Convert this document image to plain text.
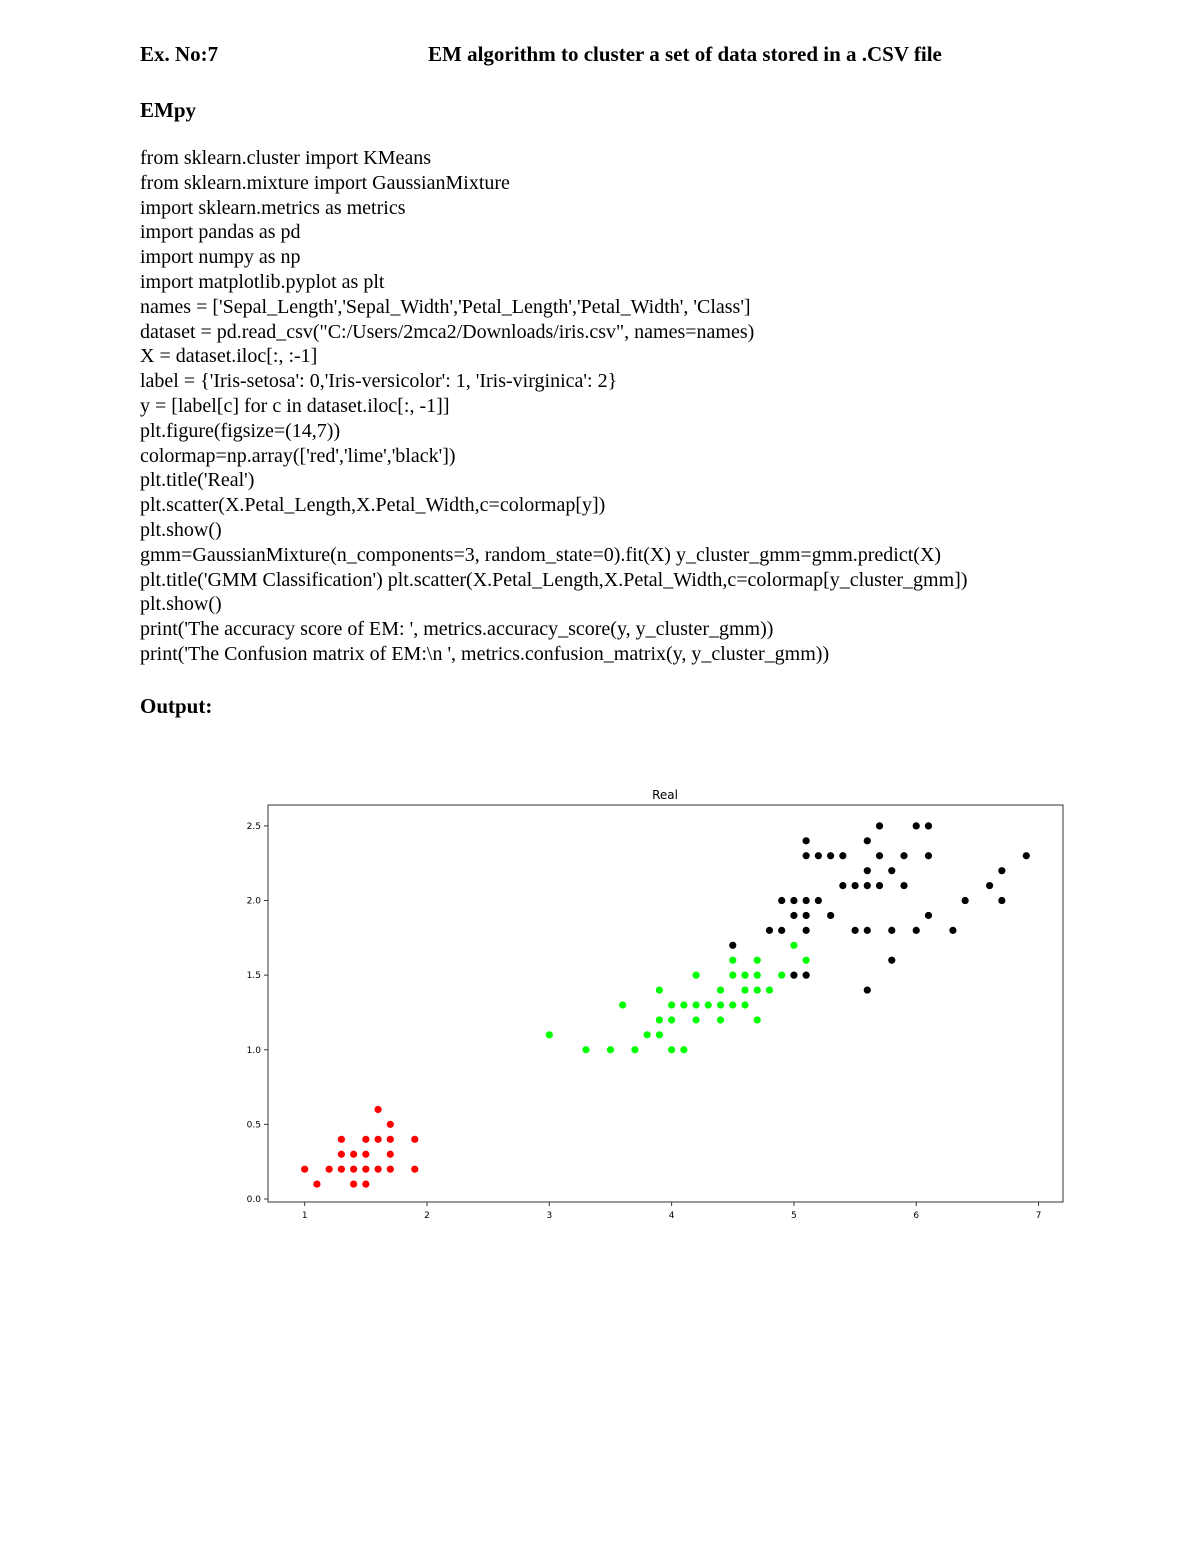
Ex. No:7	EM algorithm to cluster a set of data stored in a .CSV file
EMpy
from sklearn.cluster import KMeans
from sklearn.mixture import GaussianMixture
import sklearn.metrics as metrics
import pandas as pd
import numpy as np
import matplotlib.pyplot as plt
names = ['Sepal_Length','Sepal_Width','Petal_Length','Petal_Width', 'Class']
dataset = pd.read_csv("C:/Users/2mca2/Downloads/iris.csv", names=names)
X = dataset.iloc[:, :-1]
label = {'Iris-setosa': 0,'Iris-versicolor': 1, 'Iris-virginica': 2}
y = [label[c] for c in dataset.iloc[:, -1]]
plt.figure(figsize=(14,7))
colormap=np.array(['red','lime','black'])
plt.title('Real')
plt.scatter(X.Petal_Length,X.Petal_Width,c=colormap[y])
plt.show()
gmm=GaussianMixture(n_components=3, random_state=0).fit(X) y_cluster_gmm=gmm.predict(X)
plt.title('GMM Classification') plt.scatter(X.Petal_Length,X.Petal_Width,c=colormap[y_cluster_gmm])
plt.show()
print('The accuracy score of EM: ', metrics.accuracy_score(y, y_cluster_gmm))
print('The Confusion matrix of EM:\n ', metrics.confusion_matrix(y, y_cluster_gmm))
Output:
Real
1	2	3	4	5	6	7
0.0
0.5
1.0
1.5
2.0
2.5
